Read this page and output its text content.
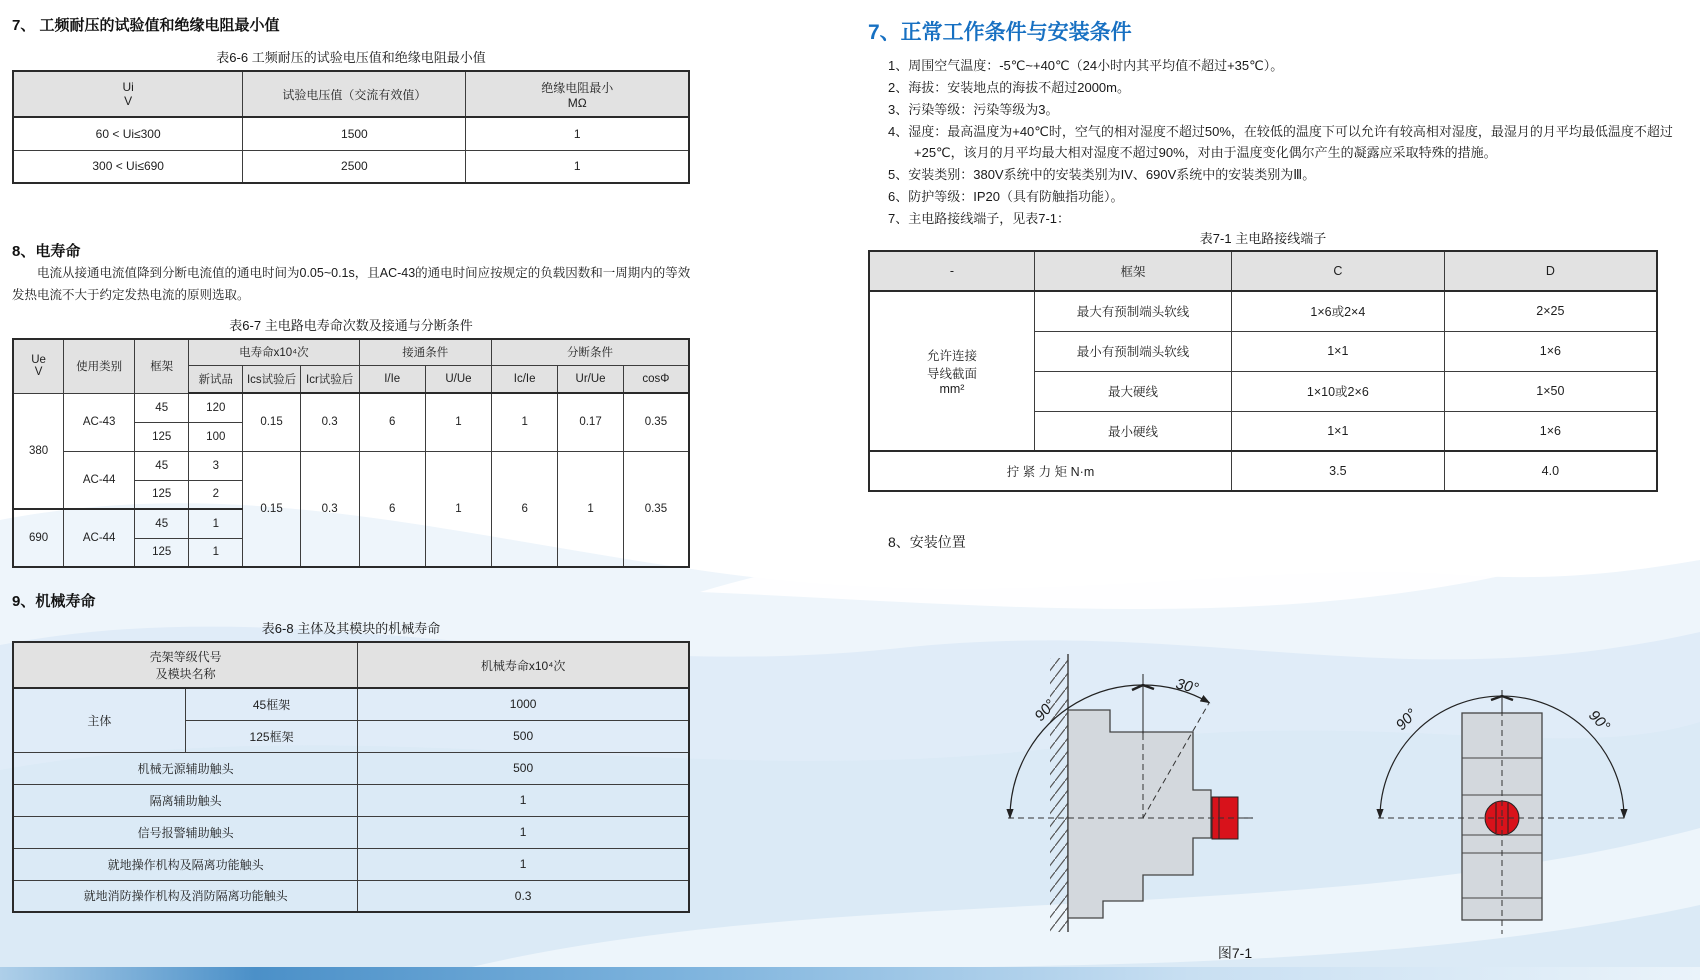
7、 工频耐压的试验值和绝缘电阻最小值
表6-6 工频耐压的试验电压值和绝缘电阻最小值
Ui
V	试验电压值（交流有效值）	绝缘电阻最小
MΩ

60 < Ui≤300	1500	1
300 < Ui≤690	2500	1
8、电寿命
电流从接通电流值降到分断电流值的通电时间为0.05~0.1s，且AC-43的通电时间应按规定的负载因数和一周期内的等效发热电流不大于约定发热电流的原则选取。
表6-7 主电路电寿命次数及接通与分断条件
Ue
V	使用类别	框架	电寿命x10⁴次			接通条件		分断条件		
			新试品	Ics试验后	Icr试验后	I/Ie	U/Ue	Ic/Ie	Ur/Ue	cosΦ
380	AC-43	45	120	0.15	0.3	6	1	1	0.17	0.35
		125	100							
	AC-44	45	3	0.15	0.3	6	1	6	1	0.35
		125	2							
690	AC-44	45	1							
		125	1							
9、机械寿命
表6-8 主体及其模块的机械寿命
壳架等级代号
及模块名称		机械寿命x10⁴次
主体	45框架	1000
	125框架	500
机械无源辅助触头		500
隔离辅助触头		1
信号报警辅助触头		1
就地操作机构及隔离功能触头		1
就地消防操作机构及消防隔离功能触头		0.3
7、正常工作条件与安装条件
1、周围空气温度：-5℃~+40℃（24小时内其平均值不超过+35℃）。
2、海拔：安装地点的海拔不超过2000m。
3、污染等级：污染等级为3。
4、湿度：最高温度为+40℃时，空气的相对湿度不超过50%，在较低的温度下可以允许有较高相对湿度，最湿月的月平均最低温度不超过+25℃，该月的月平均最大相对湿度不超过90%，对由于温度变化偶尔产生的凝露应采取特殊的措施。
5、安装类别：380V系统中的安装类别为IV、690V系统中的安装类别为Ⅲ。
6、防护等级：IP20（具有防触指功能）。
7、主电路接线端子，见表7-1：
表7-1 主电路接线端子
-	框架	C	D

允许连接
导线截面
mm²	最大有预制端头软线	1×6或2×4	2×25
	最小有预制端头软线	1×1	1×6
	最大硬线	1×10或2×6	1×50
	最小硬线	1×1	1×6
拧 紧 力 矩 N·m		3.5	4.0
8、安装位置
90°
30°
90°	90°
图7-1
